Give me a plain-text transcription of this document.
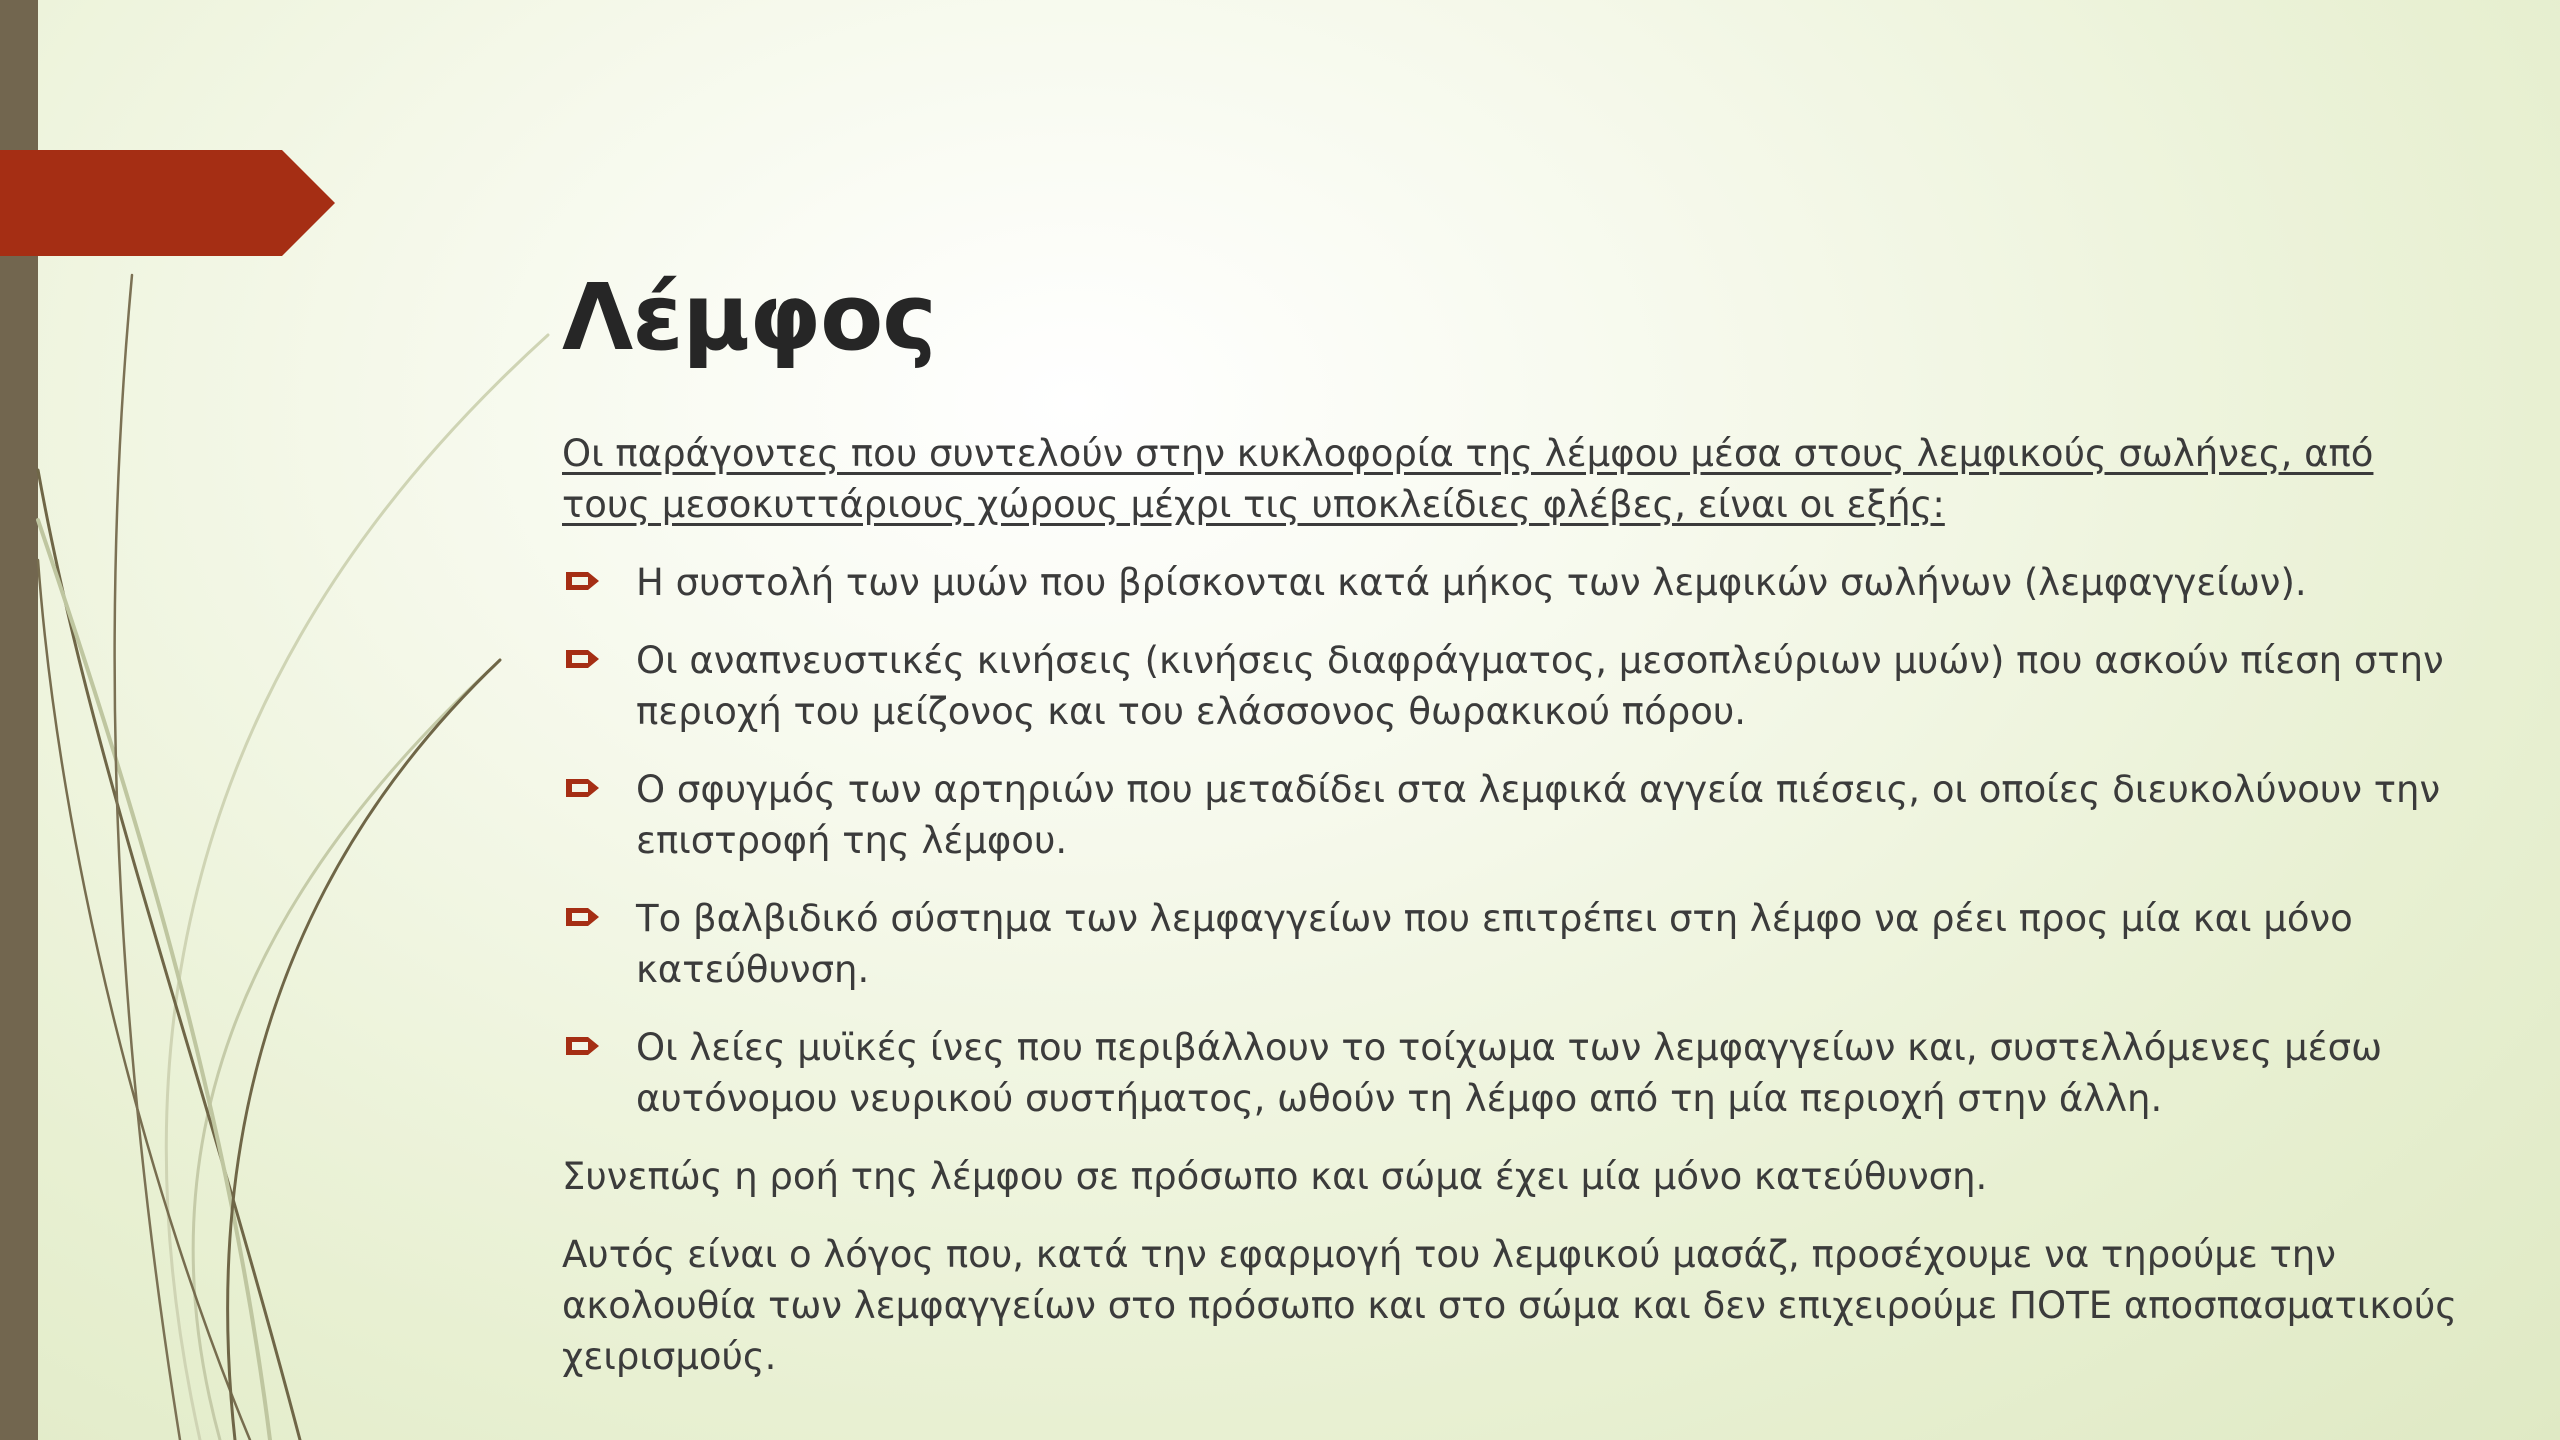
Λέμφος

Οι παράγοντες που συντελούν στην κυκλοφορία της λέμφου μέσα στους λεμφικούς σωλήνες, από τους μεσοκυττάριους χώρους μέχρι τις υποκλείδιες φλέβες, είναι οι εξής:

Η συστολή των μυών που βρίσκονται κατά μήκος των λεμφικών σωλήνων (λεμφαγγείων).
Οι αναπνευστικές κινήσεις (κινήσεις διαφράγματος, μεσοπλεύριων μυών) που ασκούν πίεση στην περιοχή του μείζονος και του ελάσσονος θωρακικού πόρου.
Ο σφυγμός των αρτηριών που μεταδίδει στα λεμφικά αγγεία πιέσεις, οι οποίες διευκολύνουν την επιστροφή της λέμφου.
Το βαλβιδικό σύστημα των λεμφαγγείων που επιτρέπει στη λέμφο να ρέει προς μία και μόνο κατεύθυνση.
Οι λείες μυϊκές ίνες που περιβάλλουν το τοίχωμα των λεμφαγγείων και, συστελλόμενες μέσω αυτόνομου νευρικού συστήματος, ωθούν τη λέμφο από τη μία περιοχή στην άλλη.

Συνεπώς η ροή της λέμφου σε πρόσωπο και σώμα έχει μία μόνο κατεύθυνση.

Αυτός είναι ο λόγος που, κατά την εφαρμογή του λεμφικού μασάζ, προσέχουμε να τηρούμε την ακολουθία των λεμφαγγείων στο πρόσωπο και στο σώμα και δεν επιχειρούμε ΠΟΤΕ αποσπασματικούς χειρισμούς.
